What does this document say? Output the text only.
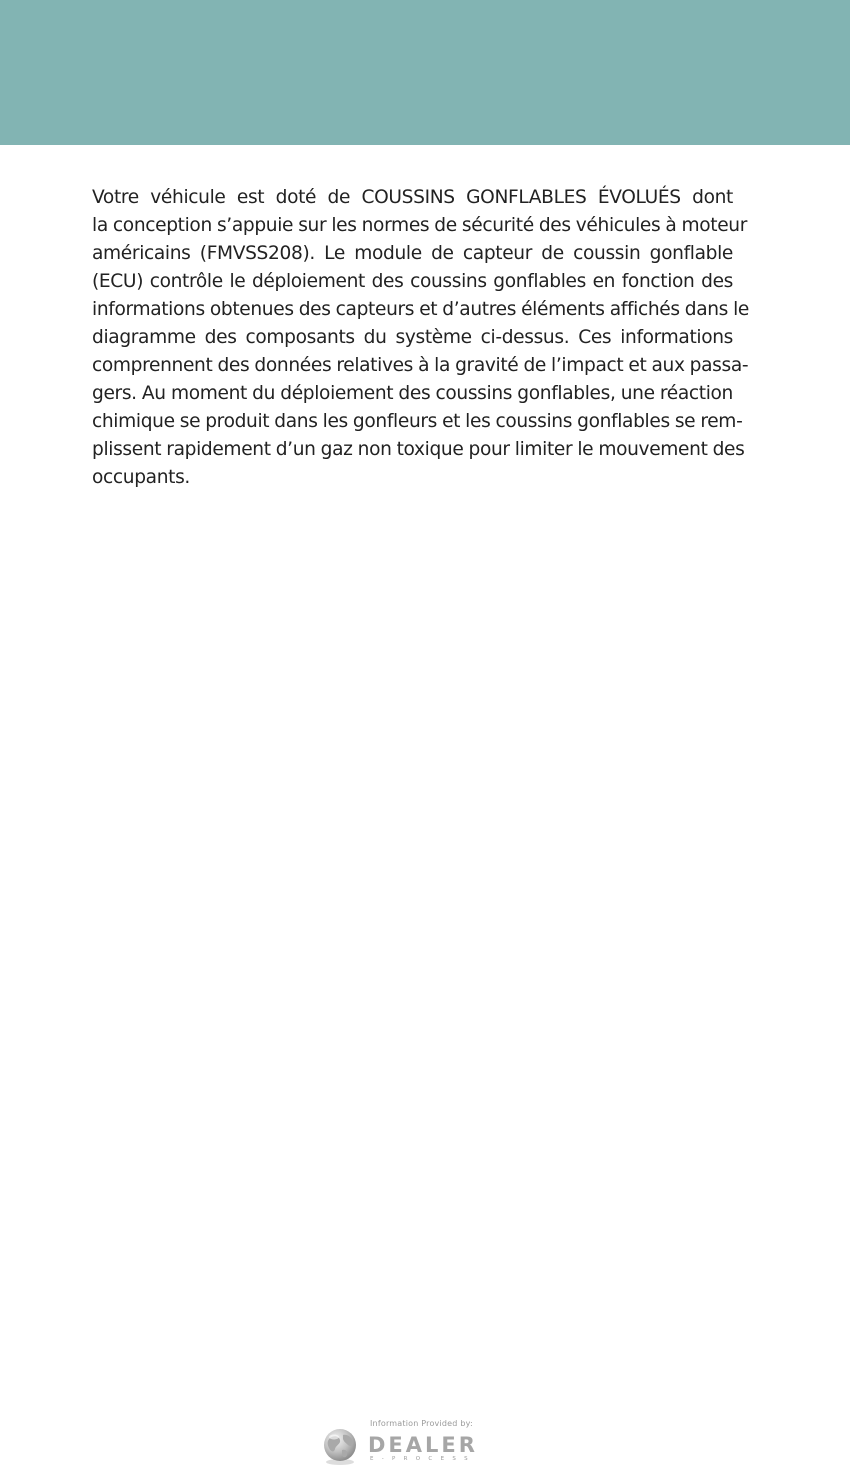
Votre véhicule est doté de COUSSINS GONFLABLES ÉVOLUÉS dont
la conception s’appuie sur les normes de sécurité des véhicules à moteur
américains (FMVSS208). Le module de capteur de coussin gonflable
(ECU) contrôle le déploiement des coussins gonflables en fonction des
informations obtenues des capteurs et d’autres éléments affichés dans le
diagramme des composants du système ci-dessus. Ces informations
comprennent des données relatives à la gravité de l’impact et aux passa-
gers. Au moment du déploiement des coussins gonflables, une réaction
chimique se produit dans les gonfleurs et les coussins gonflables se rem-
plissent rapidement d’un gaz non toxique pour limiter le mouvement des
occupants.
DEALER
E-PROCESS
Information Provided by:
